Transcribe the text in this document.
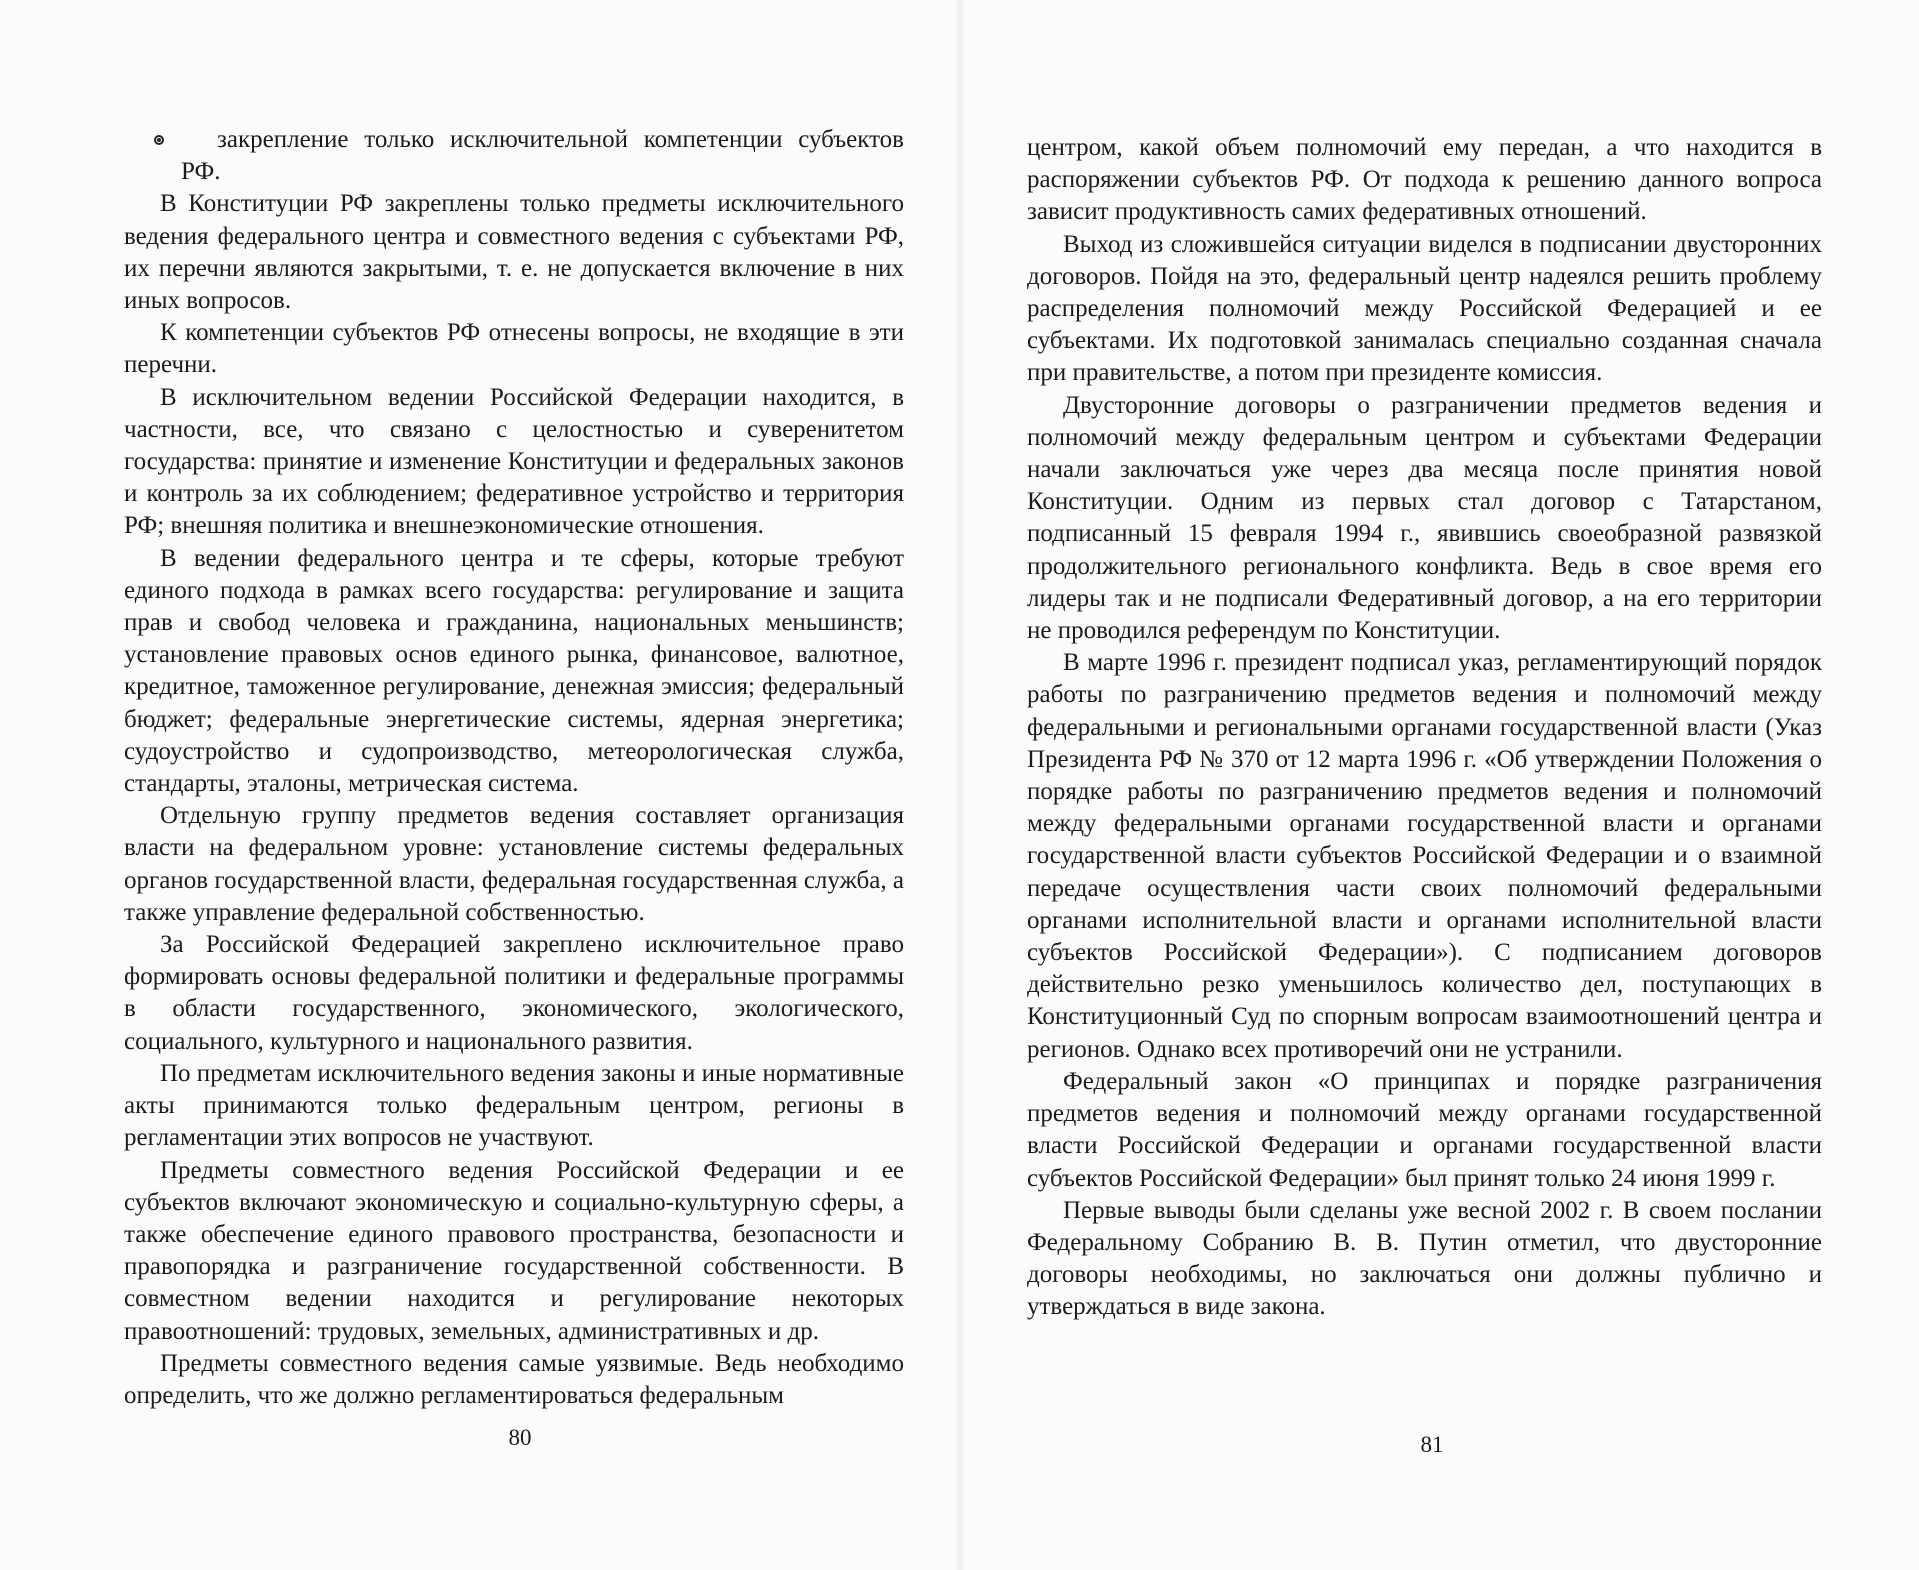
закрепление только исключительной компетенции субъектов РФ.

В Конституции РФ закреплены только предметы исключительного ведения федерального центра и совместного ведения с субъектами РФ, их перечни являются закрытыми, т. е. не допускается включение в них иных вопросов.

К компетенции субъектов РФ отнесены вопросы, не входящие в эти перечни.

В исключительном ведении Российской Федерации находится, в частности, все, что связано с целостностью и суверенитетом государства: принятие и изменение Конституции и федеральных законов и контроль за их соблюдением; федеративное устройство и территория РФ; внешняя политика и внешнеэкономические отношения.

В ведении федерального центра и те сферы, которые требуют единого подхода в рамках всего государства: регулирование и защита прав и свобод человека и гражданина, национальных меньшинств; установление правовых основ единого рынка, финансовое, валютное, кредитное, таможенное регулирование, денежная эмиссия; федеральный бюджет; федеральные энергетические системы, ядерная энергетика; судоустройство и судопроизводство, метеорологическая служба, стандарты, эталоны, метрическая система.

Отдельную группу предметов ведения составляет организация власти на федеральном уровне: установление системы федеральных органов государственной власти, федеральная государственная служба, а также управление федеральной собственностью.

За Российской Федерацией закреплено исключительное право формировать основы федеральной политики и федеральные программы в области государственного, экономического, экологического, социального, культурного и национального развития.

По предметам исключительного ведения законы и иные нормативные акты принимаются только федеральным центром, регионы в регламентации этих вопросов не участвуют.

Предметы совместного ведения Российской Федерации и ее субъектов включают экономическую и социально-культурную сферы, а также обеспечение единого правового пространства, безопасности и правопорядка и разграничение государственной собственности. В совместном ведении находится и регулирование некоторых правоотношений: трудовых, земельных, административных и др.

Предметы совместного ведения самые уязвимые. Ведь необходимо определить, что же должно регламентироваться федеральным

80

центром, какой объем полномочий ему передан, а что находится в распоряжении субъектов РФ. От подхода к решению данного вопроса зависит продуктивность самих федеративных отношений.

Выход из сложившейся ситуации виделся в подписании двусторонних договоров. Пойдя на это, федеральный центр надеялся решить проблему распределения полномочий между Российской Федерацией и ее субъектами. Их подготовкой занималась специально созданная сначала при правительстве, а потом при президенте комиссия.

Двусторонние договоры о разграничении предметов ведения и полномочий между федеральным центром и субъектами Федерации начали заключаться уже через два месяца после принятия новой Конституции. Одним из первых стал договор с Татарстаном, подписанный 15 февраля 1994 г., явившись своеобразной развязкой продолжительного регионального конфликта. Ведь в свое время его лидеры так и не подписали Федеративный договор, а на его территории не проводился референдум по Конституции.

В марте 1996 г. президент подписал указ, регламентирующий порядок работы по разграничению предметов ведения и полномочий между федеральными и региональными органами государственной власти (Указ Президента РФ № 370 от 12 марта 1996 г. «Об утверждении Положения о порядке работы по разграничению предметов ведения и полномочий между федеральными органами государственной власти и органами государственной власти субъектов Российской Федерации и о взаимной передаче осуществления части своих полномочий федеральными органами исполнительной власти и органами исполнительной власти субъектов Российской Федерации»). С подписанием договоров действительно резко уменьшилось количество дел, поступающих в Конституционный Суд по спорным вопросам взаимоотношений центра и регионов. Однако всех противоречий они не устранили.

Федеральный закон «О принципах и порядке разграничения предметов ведения и полномочий между органами государственной власти Российской Федерации и органами государственной власти субъектов Российской Федерации» был принят только 24 июня 1999 г.

Первые выводы были сделаны уже весной 2002 г. В своем послании Федеральному Собранию В. В. Путин отметил, что двусторонние договоры необходимы, но заключаться они должны публично и утверждаться в виде закона.

81
